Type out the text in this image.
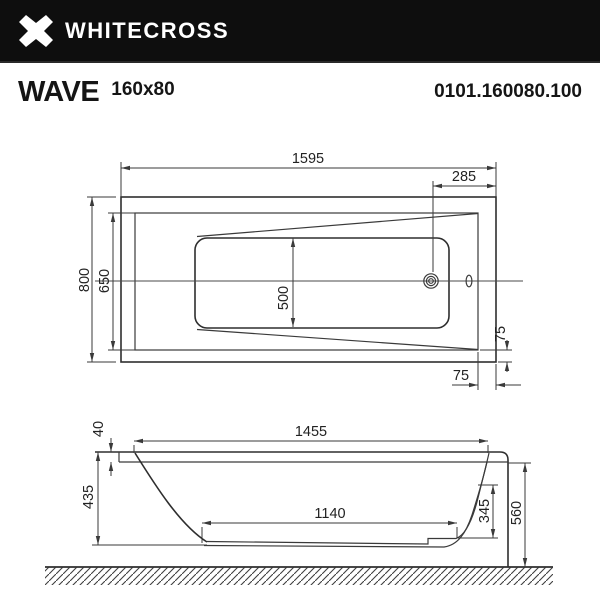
WHITECROSS
WAVE 160x80	0101.160080.100
1595
285
800 650
500
75
75
1455
40
435
1140	345 560
